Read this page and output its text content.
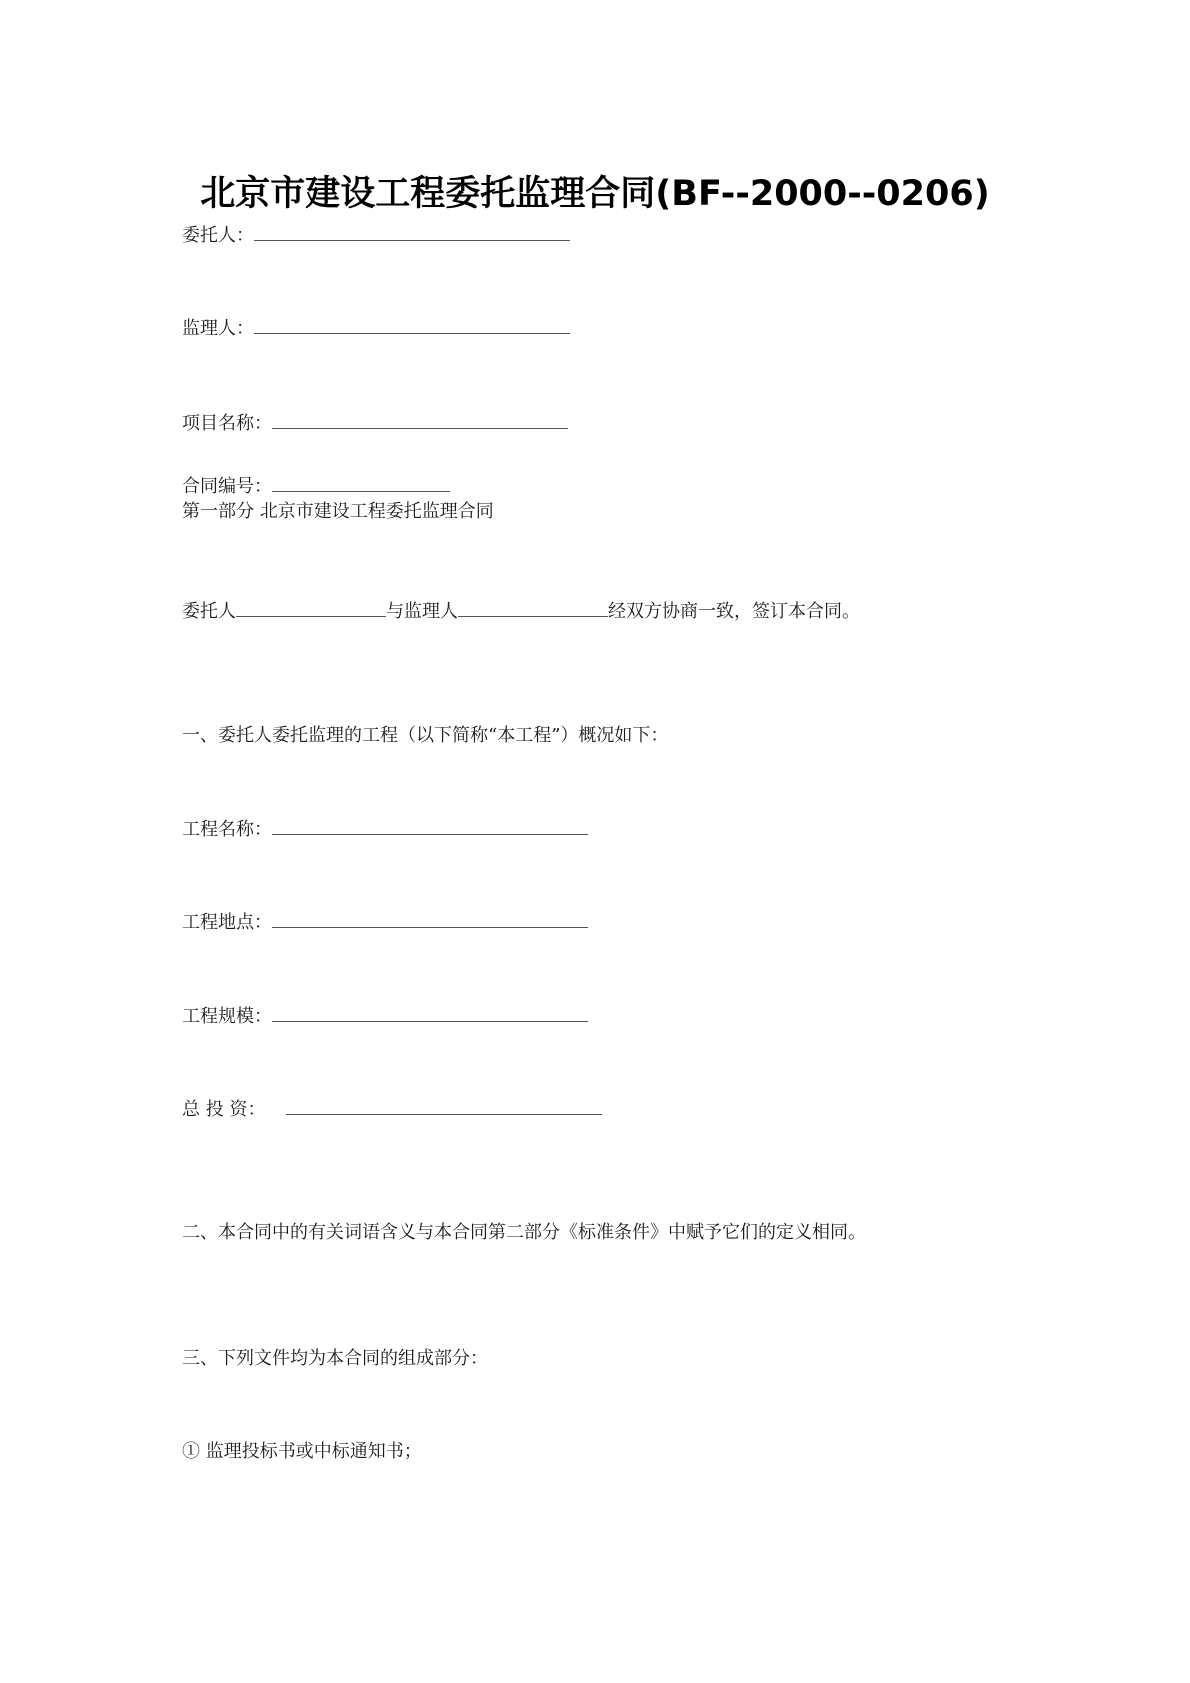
北京市建设工程委托监理合同(BF--2000--0206)
委托人：
监理人：
项目名称：
合同编号：
第一部分 北京市建设工程委托监理合同
委托人	与监理人	经双方协商一致，签订本合同。
一、委托人委托监理的工程（以下简称“本工程”）概况如下：
工程名称：
工程地点：
工程规模：
总 投 资：
二、本合同中的有关词语含义与本合同第二部分《标准条件》中赋予它们的定义相同。
三、下列文件均为本合同的组成部分：
① 监理投标书或中标通知书；
